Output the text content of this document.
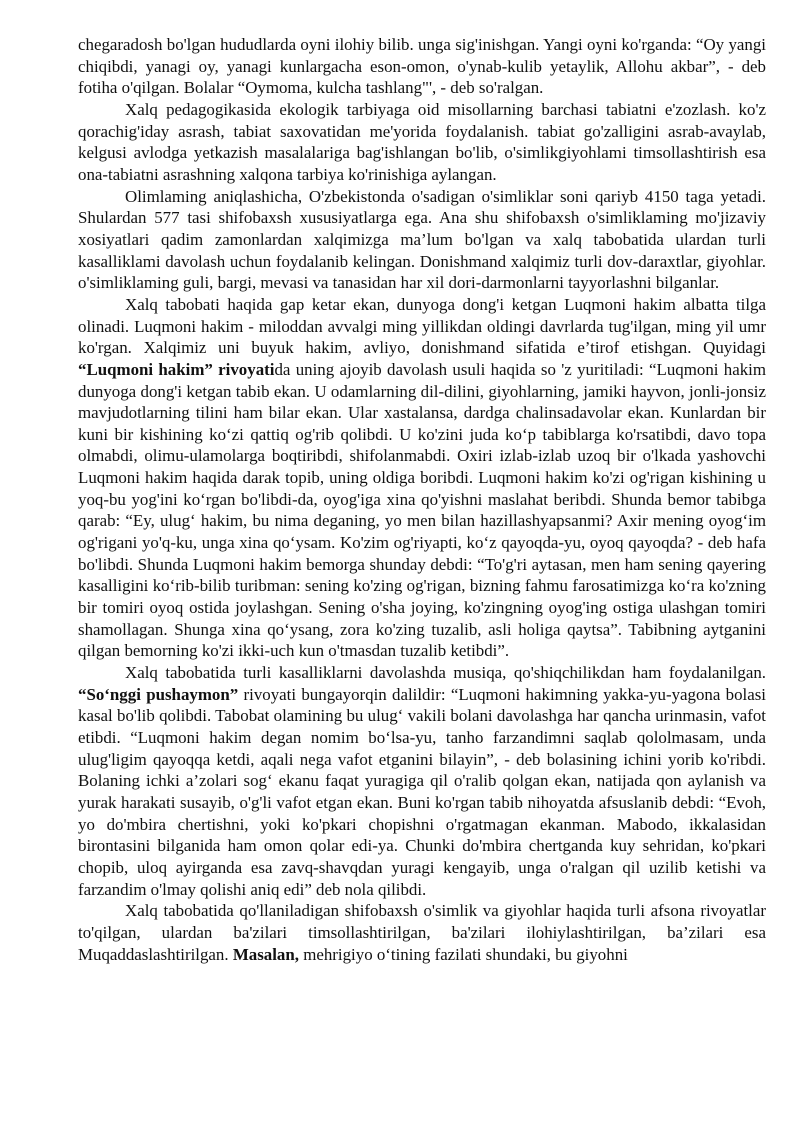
chegaradosh bo'lgan hududlarda oyni ilohiy bilib. unga sig'inishgan. Yangi oyni ko'rganda: “Oy yangi chiqibdi, yanagi oy, yanagi kunlargacha eson-omon, o'ynab-kulib yetaylik, Allohu akbar”, - deb fotiha o'qilgan. Bolalar “Oymoma, kulcha tashlang"', - deb so'ralgan.

Xalq pedagogikasida ekologik tarbiyaga oid misollarning barchasi tabiatni e'zozlash. ko'z qorachig'iday asrash, tabiat saxovatidan me'yorida foydalanish. tabiat go'zalligini asrab-avaylab, kelgusi avlodga yetkazish masalalariga bag'ishlangan bo'lib, o'simlikgiyohlami timsollashtirish esa ona-tabiatni asrashning xalqona tarbiya ko'rinishiga aylangan.

Olimlaming aniqlashicha, O'zbekistonda o'sadigan o'simliklar soni qariyb 4150 taga yetadi. Shulardan 577 tasi shifobaxsh xususiyatlarga ega. Ana shu shifobaxsh o'simliklaming mo'jizaviy xosiyatlari qadim zamonlardan xalqimizga ma’lum bo'lgan va xalq tabobatida ulardan turli kasalliklami davolash uchun foydalanib kelingan. Donishmand xalqimiz turli dov-daraxtlar, giyohlar. o'simliklaming guli, bargi, mevasi va tanasidan har xil dori-darmonlarni tayyorlashni bilganlar.

Xalq tabobati haqida gap ketar ekan, dunyoga dong'i ketgan Luqmoni hakim albatta tilga olinadi. Luqmoni hakim - miloddan avvalgi ming yillikdan oldingi davrlarda tug'ilgan, ming yil umr ko'rgan. Xalqimiz uni buyuk hakim, avliyo, donishmand sifatida e’tirof etishgan. Quyidagi “Luqmoni hakim” rivoyatida uning ajoyib davolash usuli haqida so 'z yuritiladi: “Luqmoni hakim dunyoga dong'i ketgan tabib ekan. U odamlarning dil-dilini, giyohlarning, jamiki hayvon, jonli-jonsiz mavjudotlarning tilini ham bilar ekan. Ular xastalansa, dardga chalinsadavolar ekan. Kunlardan bir kuni bir kishining ko‘zi qattiq og'rib qolibdi. U ko'zini juda ko‘p tabiblarga ko'rsatibdi, davo topa olmabdi, olimu-ulamolarga boqtiribdi, shifolanmabdi. Oxiri izlab-izlab uzoq bir o'lkada yashovchi Luqmoni hakim haqida darak topib, uning oldiga boribdi. Luqmoni hakim ko'zi og'rigan kishining u yoq-bu yog'ini ko‘rgan bo'libdi-da, oyog'iga xina qo'yishni maslahat beribdi. Shunda bemor tabibga qarab: “Ey, ulug‘ hakim, bu nima deganing, yo men bilan hazillashyapsanmi? Axir mening oyog‘im og'rigani yo'q-ku, unga xina qo‘ysam. Ko'zim og'riyapti, ko‘z qayoqda-yu, oyoq qayoqda? - deb hafa bo'libdi. Shunda Luqmoni hakim bemorga shunday debdi: “To'g'ri aytasan, men ham sening qayering kasalligini ko‘rib-bilib turibman: sening ko'zing og'rigan, bizning fahmu farosatimizga ko‘ra ko'zning bir tomiri oyoq ostida joylashgan. Sening o'sha joying, ko'zingning oyog'ing ostiga ulashgan tomiri shamollagan. Shunga xina qo‘ysang, zora ko'zing tuzalib, asli holiga qaytsa”. Tabibning aytganini qilgan bemorning ko'zi ikki-uch kun o'tmasdan tuzalib ketibdi”.

Xalq tabobatida turli kasalliklarni davolashda musiqa, qo'shiqchilikdan ham foydalanilgan. “So‘nggi pushaymon” rivoyati bungayorqin dalildir: “Luqmoni hakimning yakka-yu-yagona bolasi kasal bo'lib qolibdi. Tabobat olamining bu ulug‘ vakili bolani davolashga har qancha urinmasin, vafot etibdi. “Luqmoni hakim degan nomim bo‘lsa-yu, tanho farzandimni saqlab qololmasam, unda ulug'ligim qayoqqa ketdi, aqali nega vafot etganini bilayin”, - deb bolasining ichini yorib ko'ribdi. Bolaning ichki a’zolari sog‘ ekanu faqat yuragiga qil o'ralib qolgan ekan, natijada qon aylanish va yurak harakati susayib, o'g'li vafot etgan ekan. Buni ko'rgan tabib nihoyatda afsuslanib debdi: “Evoh, yo do'mbira chertishni, yoki ko'pkari chopishni o'rgatmagan ekanman. Mabodo, ikkalasidan birontasini bilganida ham omon qolar edi-ya. Chunki do'mbira chertganda kuy sehridan, ko'pkari chopib, uloq ayirganda esa zavq-shavqdan yuragi kengayib, unga o'ralgan qil uzilib ketishi va farzandim o'lmay qolishi aniq edi” deb nola qilibdi.

Xalq tabobatida qo'llaniladigan shifobaxsh o'simlik va giyohlar haqida turli afsona rivoyatlar to'qilgan, ulardan ba'zilari timsollashtirilgan, ba'zilari ilohiylashtirilgan, ba’zilari esa Muqaddaslashtirilgan. Masalan, mehrigiyo o‘tining fazilati shundaki, bu giyohni
